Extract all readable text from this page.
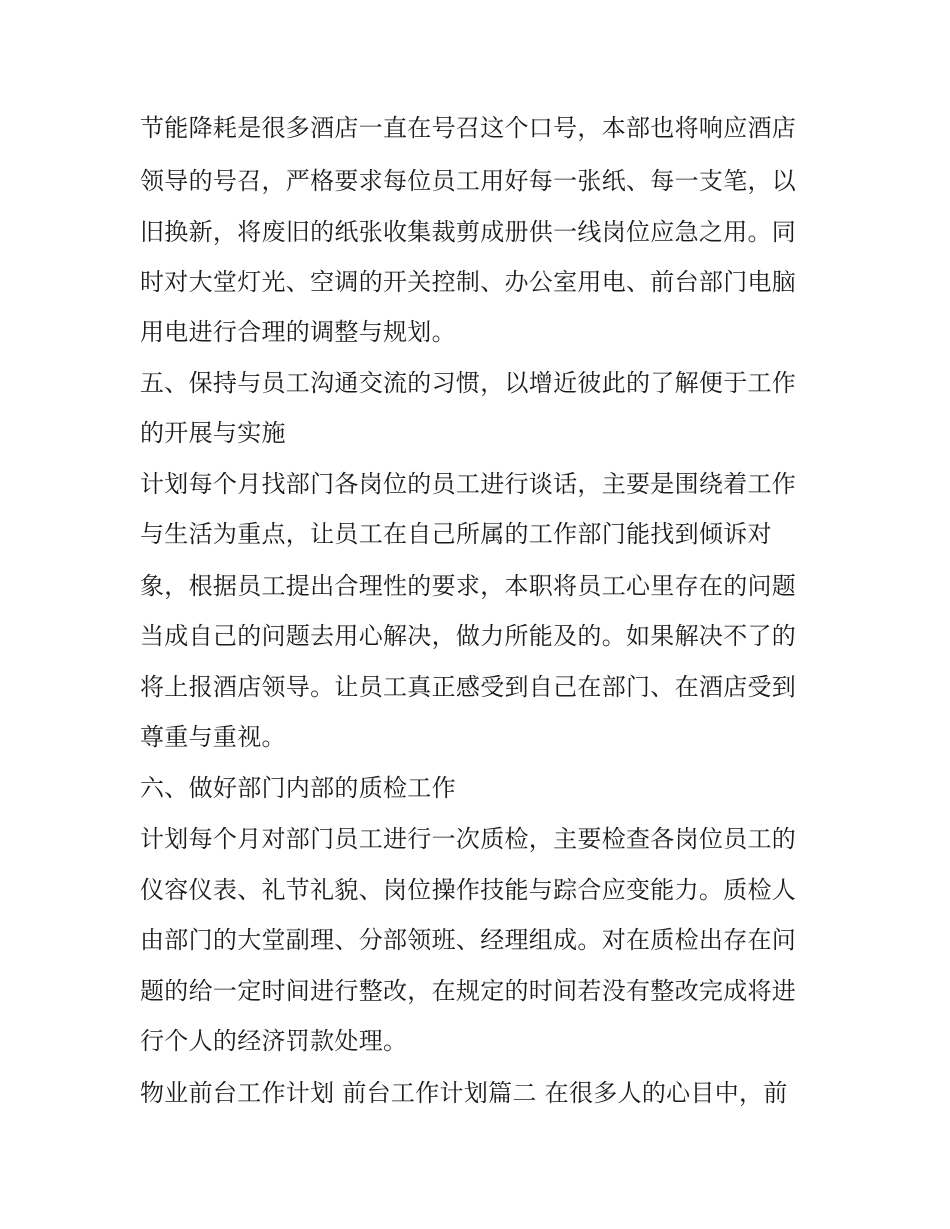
节能降耗是很多酒店一直在号召这个口号，本部也将响应酒店
领导的号召，严格要求每位员工用好每一张纸、每一支笔，以
旧换新，将废旧的纸张收集裁剪成册供一线岗位应急之用。同
时对大堂灯光、空调的开关控制、办公室用电、前台部门电脑
用电进行合理的调整与规划。
五、保持与员工沟通交流的习惯，以增近彼此的了解便于工作
的开展与实施
计划每个月找部门各岗位的员工进行谈话，主要是围绕着工作
与生活为重点，让员工在自己所属的工作部门能找到倾诉对
象，根据员工提出合理性的要求，本职将员工心里存在的问题
当成自己的问题去用心解决，做力所能及的。如果解决不了的
将上报酒店领导。让员工真正感受到自己在部门、在酒店受到
尊重与重视。
六、做好部门内部的质检工作
计划每个月对部门员工进行一次质检，主要检查各岗位员工的
仪容仪表、礼节礼貌、岗位操作技能与踪合应变能力。质检人
由部门的大堂副理、分部领班、经理组成。对在质检出存在问
题的给一定时间进行整改，在规定的时间若没有整改完成将进
行个人的经济罚款处理。
物业前台工作计划 前台工作计划篇二 在很多人的心目中，前
